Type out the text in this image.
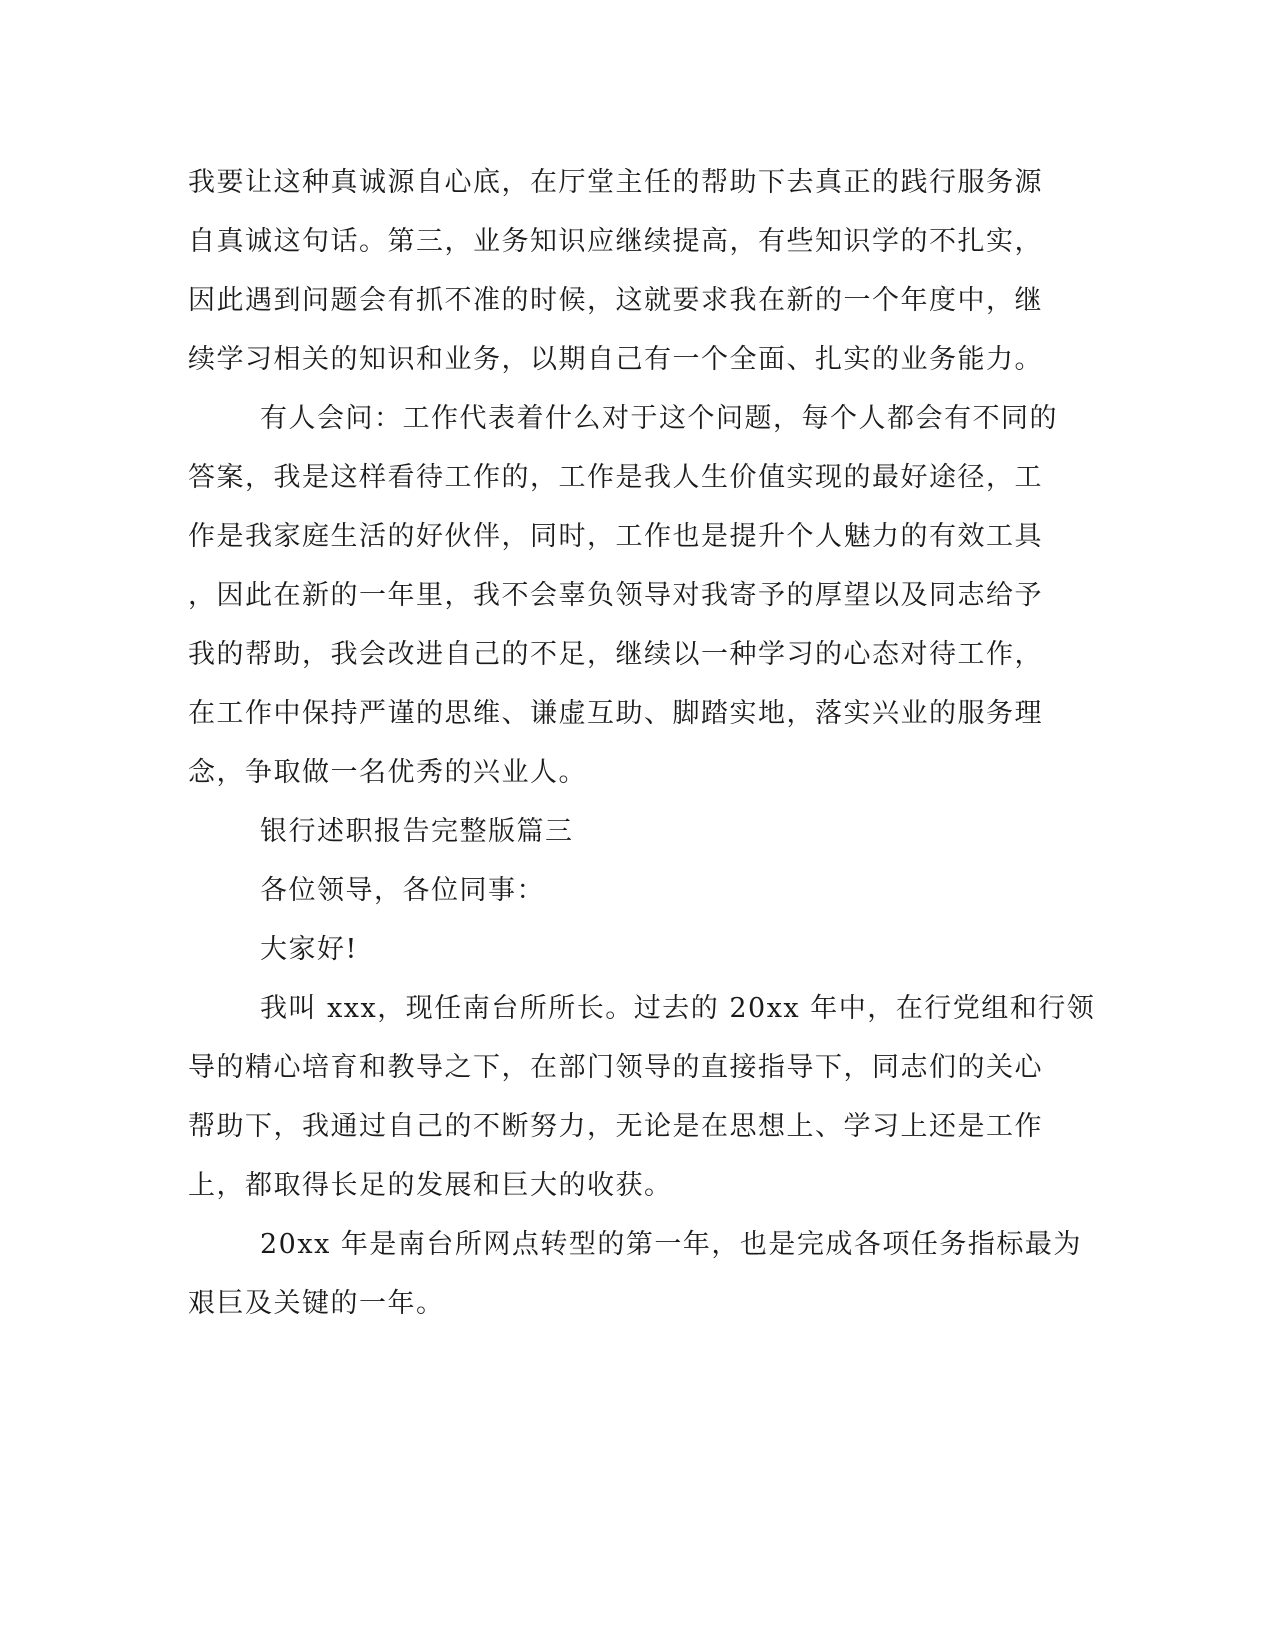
我要让这种真诚源自心底，在厅堂主任的帮助下去真正的践行服务源
自真诚这句话。第三，业务知识应继续提高，有些知识学的不扎实，
因此遇到问题会有抓不准的时候，这就要求我在新的一个年度中，继
续学习相关的知识和业务，以期自己有一个全面、扎实的业务能力。
有人会问：工作代表着什么对于这个问题，每个人都会有不同的
答案，我是这样看待工作的，工作是我人生价值实现的最好途径，工
作是我家庭生活的好伙伴，同时，工作也是提升个人魅力的有效工具
，因此在新的一年里，我不会辜负领导对我寄予的厚望以及同志给予
我的帮助，我会改进自己的不足，继续以一种学习的心态对待工作，
在工作中保持严谨的思维、谦虚互助、脚踏实地，落实兴业的服务理
念，争取做一名优秀的兴业人。
银行述职报告完整版篇三
各位领导，各位同事：
大家好!
我叫 xxx，现任南台所所长。过去的 20xx 年中，在行党组和行领
导的精心培育和教导之下，在部门领导的直接指导下，同志们的关心
帮助下，我通过自己的不断努力，无论是在思想上、学习上还是工作
上，都取得长足的发展和巨大的收获。
20xx 年是南台所网点转型的第一年，也是完成各项任务指标最为
艰巨及关键的一年。
